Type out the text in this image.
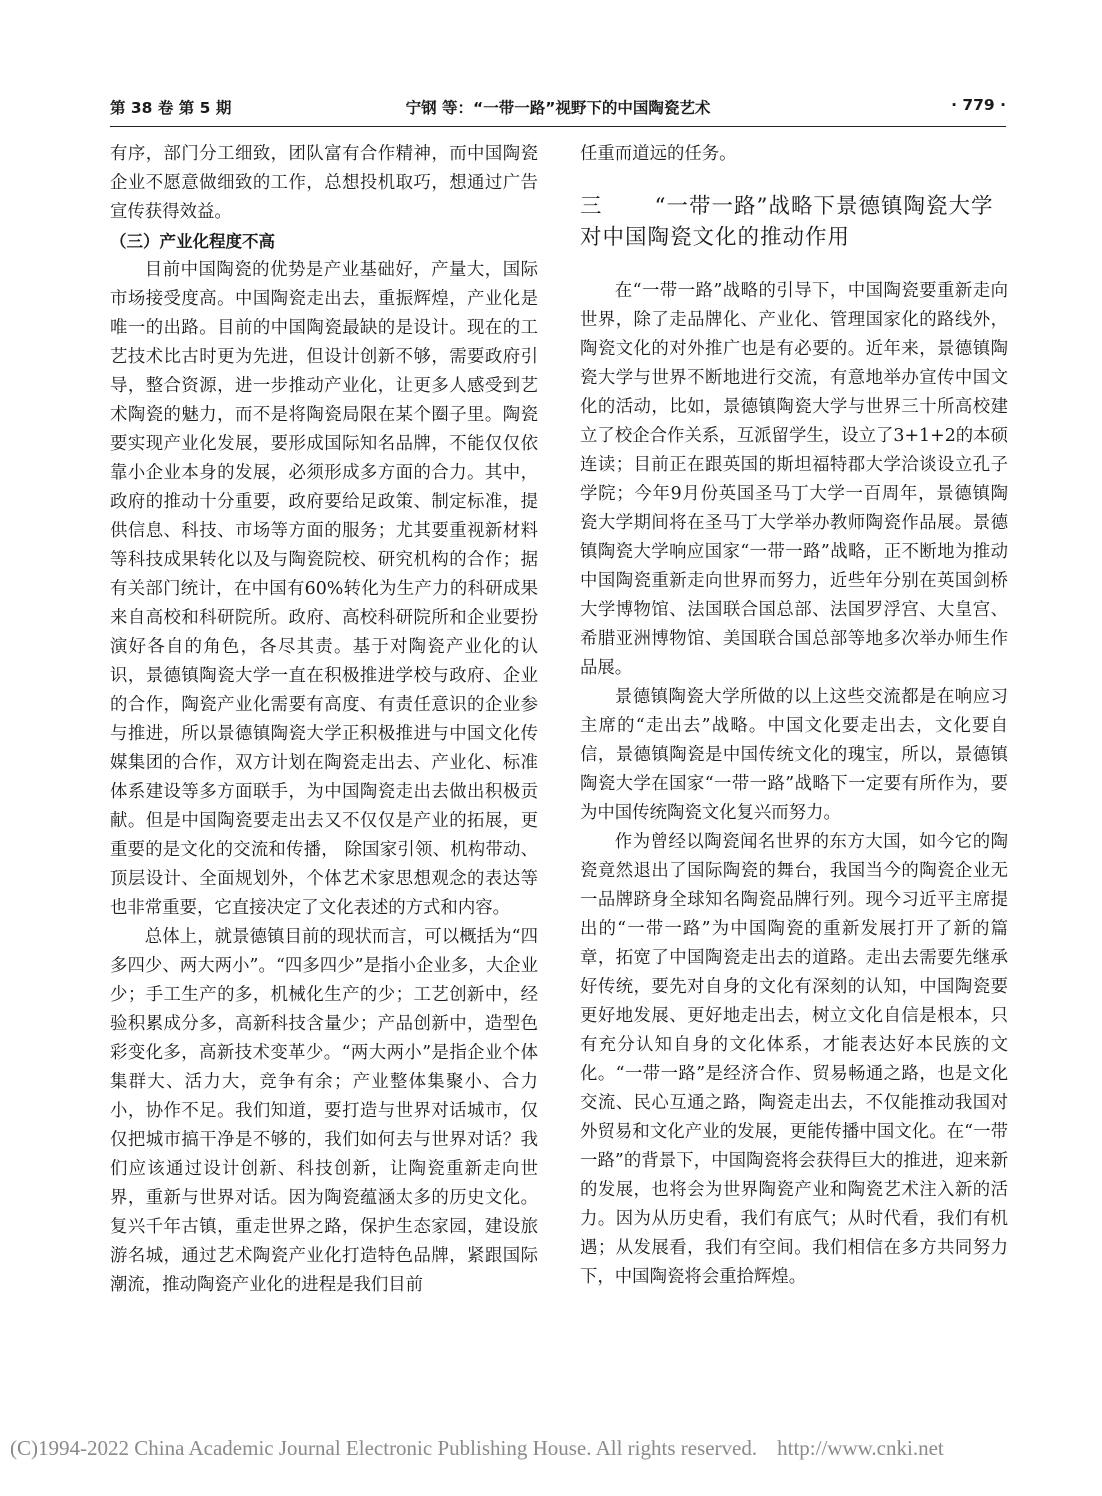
第 38 卷 第 5 期	宁钢 等：“一带一路”视野下的中国陶瓷艺术	· 779 ·

有序，部门分工细致，团队富有合作精神，而中国陶瓷企业不愿意做细致的工作，总想投机取巧，想通过广告宣传获得效益。

（三）产业化程度不高

目前中国陶瓷的优势是产业基础好，产量大，国际市场接受度高。中国陶瓷走出去，重振辉煌，产业化是唯一的出路。目前的中国陶瓷最缺的是设计。现在的工艺技术比古时更为先进，但设计创新不够，需要政府引导，整合资源，进一步推动产业化，让更多人感受到艺术陶瓷的魅力，而不是将陶瓷局限在某个圈子里。陶瓷要实现产业化发展，要形成国际知名品牌，不能仅仅依靠小企业本身的发展，必须形成多方面的合力。其中，政府的推动十分重要，政府要给足政策、制定标准，提供信息、科技、市场等方面的服务；尤其要重视新材料等科技成果转化以及与陶瓷院校、研究机构的合作；据有关部门统计，在中国有60%转化为生产力的科研成果来自高校和科研院所。政府、高校科研院所和企业要扮演好各自的角色，各尽其责。基于对陶瓷产业化的认识，景德镇陶瓷大学一直在积极推进学校与政府、企业的合作，陶瓷产业化需要有高度、有责任意识的企业参与推进，所以景德镇陶瓷大学正积极推进与中国文化传媒集团的合作，双方计划在陶瓷走出去、产业化、标准体系建设等多方面联手，为中国陶瓷走出去做出积极贡献。但是中国陶瓷要走出去又不仅仅是产业的拓展，更重要的是文化的交流和传播， 除国家引领、机构带动、顶层设计、全面规划外，个体艺术家思想观念的表达等也非常重要，它直接决定了文化表述的方式和内容。

总体上，就景德镇目前的现状而言，可以概括为“四多四少、两大两小”。“四多四少”是指小企业多，大企业少；手工生产的多，机械化生产的少；工艺创新中，经验积累成分多，高新科技含量少；产品创新中，造型色彩变化多，高新技术变革少。“两大两小”是指企业个体集群大、活力大，竞争有余；产业整体集聚小、合力小，协作不足。我们知道，要打造与世界对话城市，仅仅把城市搞干净是不够的，我们如何去与世界对话？我们应该通过设计创新、科技创新，让陶瓷重新走向世界，重新与世界对话。因为陶瓷蕴涵太多的历史文化。复兴千年古镇，重走世界之路，保护生态家园，建设旅游名城，通过艺术陶瓷产业化打造特色品牌，紧跟国际潮流，推动陶瓷产业化的进程是我们目前

任重而道远的任务。

三 “一带一路”战略下景德镇陶瓷大学对中国陶瓷文化的推动作用

在“一带一路”战略的引导下，中国陶瓷要重新走向世界，除了走品牌化、产业化、管理国家化的路线外，陶瓷文化的对外推广也是有必要的。近年来，景德镇陶瓷大学与世界不断地进行交流，有意地举办宣传中国文化的活动，比如，景德镇陶瓷大学与世界三十所高校建立了校企合作关系，互派留学生，设立了3+1+2的本硕连读；目前正在跟英国的斯坦福特郡大学洽谈设立孔子学院；今年9月份英国圣马丁大学一百周年，景德镇陶瓷大学期间将在圣马丁大学举办教师陶瓷作品展。景德镇陶瓷大学响应国家“一带一路”战略，正不断地为推动中国陶瓷重新走向世界而努力，近些年分别在英国剑桥大学博物馆、法国联合国总部、法国罗浮宫、大皇宫、希腊亚洲博物馆、美国联合国总部等地多次举办师生作品展。

景德镇陶瓷大学所做的以上这些交流都是在响应习主席的“走出去”战略。中国文化要走出去，文化要自信，景德镇陶瓷是中国传统文化的瑰宝，所以，景德镇陶瓷大学在国家“一带一路”战略下一定要有所作为，要为中国传统陶瓷文化复兴而努力。

作为曾经以陶瓷闻名世界的东方大国，如今它的陶瓷竟然退出了国际陶瓷的舞台，我国当今的陶瓷企业无一品牌跻身全球知名陶瓷品牌行列。现今习近平主席提出的“一带一路”为中国陶瓷的重新发展打开了新的篇章，拓宽了中国陶瓷走出去的道路。走出去需要先继承好传统，要先对自身的文化有深刻的认知，中国陶瓷要更好地发展、更好地走出去，树立文化自信是根本，只有充分认知自身的文化体系，才能表达好本民族的文化。“一带一路”是经济合作、贸易畅通之路，也是文化交流、民心互通之路，陶瓷走出去，不仅能推动我国对外贸易和文化产业的发展，更能传播中国文化。在“一带一路”的背景下，中国陶瓷将会获得巨大的推进，迎来新的发展，也将会为世界陶瓷产业和陶瓷艺术注入新的活力。因为从历史看，我们有底气；从时代看，我们有机遇；从发展看，我们有空间。我们相信在多方共同努力下，中国陶瓷将会重拾辉煌。

(C)1994-2022 China Academic Journal Electronic Publishing House. All rights reserved. http://www.cnki.net
